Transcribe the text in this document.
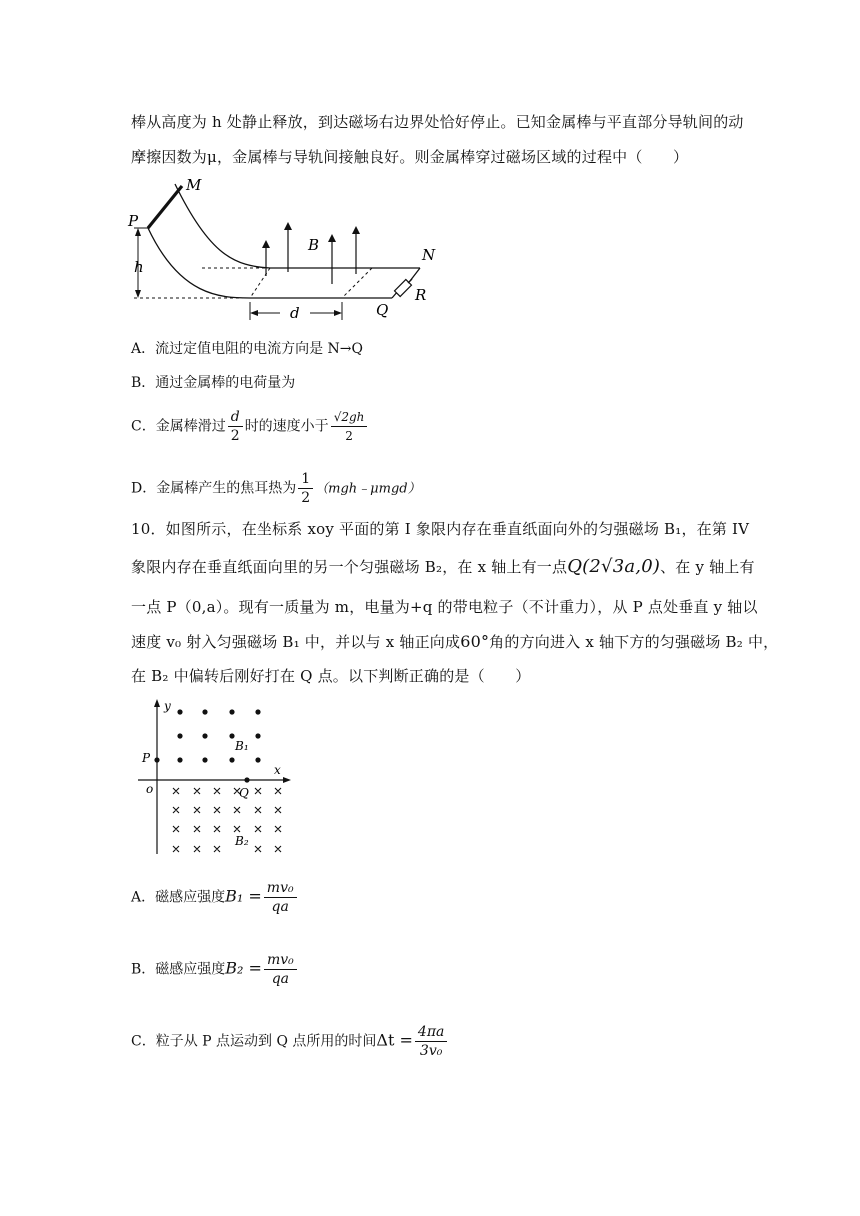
棒从高度为 h 处静止释放，到达磁场右边界处恰好停止。已知金属棒与平直部分导轨间的动
摩擦因数为μ，金属棒与导轨间接触良好。则金属棒穿过磁场区域的过程中（　　）
M
P
h
B
N
R
Q
d
A．流过定值电阻的电流方向是 N→Q
B．通过金属棒的电荷量为
C．金属棒滑过 $\frac{d}{2}$ 时的速度小于 $\frac{√2gh}{2}$
D．金属棒产生的焦耳热为 $\frac{1}{2}$ （mgh﹣μmgd）
10．如图所示，在坐标系 xoy 平面的第 I 象限内存在垂直纸面向外的匀强磁场 B₁，在第 IV
象限内存在垂直纸面向里的另一个匀强磁场 B₂，在 x 轴上有一点Q(2√3a,0)、在 y 轴上有
一点 P（0,a）。现有一质量为 m，电量为+q 的带电粒子（不计重力），从 P 点处垂直 y 轴以
速度 v₀ 射入匀强磁场 B₁ 中，并以与 x 轴正向成60°角的方向进入 x 轴下方的匀强磁场 B₂ 中，
在 B₂ 中偏转后刚好打在 Q 点。以下判断正确的是（　　）
y
x
P
o	Q
B₁
B₂
A．磁感应强度$B_1 = \frac{\text{mv₀}}{qa}$
B．磁感应强度$B_2 = \frac{\text{mv₀}}{qa}$
C．粒子从 P 点运动到 Q 点所用的时间$\Delta t = \frac{4\pi a}{\text{3v₀}}$
